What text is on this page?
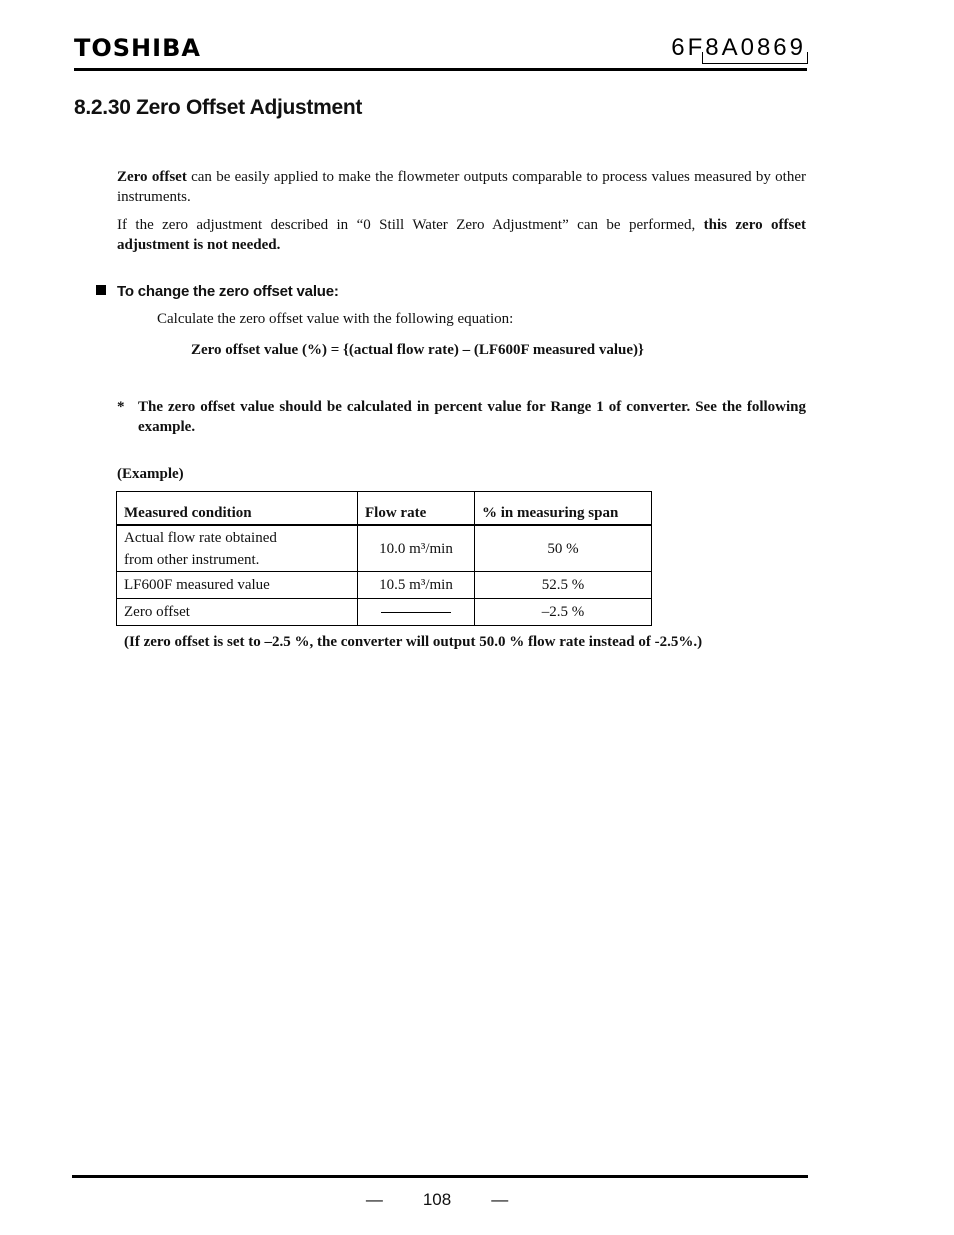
TOSHIBA	6F8A0869
8.2.30 Zero Offset Adjustment

Zero offset can be easily applied to make the flowmeter outputs comparable to process values measured by other instruments.

If the zero adjustment described in “0 Still Water Zero Adjustment” can be performed, this zero offset adjustment is not needed.

To change the zero offset value:
Calculate the zero offset value with the following equation:
Zero offset value (%) = {(actual flow rate) – (LF600F measured value)}
* The zero offset value should be calculated in percent value for Range 1 of converter. See the following example.
(Example)
Measured condition	Flow rate	% in measuring span
Actual flow rate obtained
from other instrument.	10.0 m³/min	50 %
LF600F measured value	10.5 m³/min	52.5 %
Zero offset		–2.5 %
(If zero offset is set to –2.5 %, the converter will output 50.0 % flow rate instead of -2.5%.)
— 108 —
